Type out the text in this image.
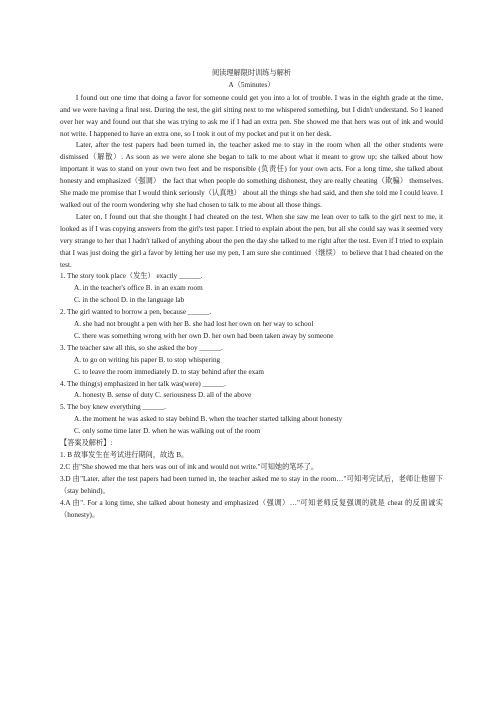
阅读理解限时训练与解析

A（5minutes）

I found out one time that doing a favor for someone could get you into a lot of trouble. I was in the eighth grade at the time, and we were having a final test. During the test, the girl sitting next to me whispered something, but I didn't understand. So I leaned over her way and found out that she was trying to ask me if I had an extra pen. She showed me that hers was out of ink and would not write. I happened to have an extra one, so I took it out of my pocket and put it on her desk.

Later, after the test papers had been turned in, the teacher asked me to stay in the room when all the other students were dismissed（解散）. As soon as we were alone she began to talk to me about what it meant to grow up; she talked about how important it was to stand on your own two feet and be responsible (负责任) for your own acts. For a long time, she talked about honesty and emphasized（强调） the fact that when people do something dishonest, they are really cheating（欺骗） themselves. She made me promise that I would think seriously（认真地） about all the things she had said, and then she told me I could leave. I walked out of the room wondering why she had chosen to talk to me about all those things.

Later on, I found out that she thought I had cheated on the test. When she saw me lean over to talk to the girl next to me, it looked as if I was copying answers from the girl's test paper. I tried to explain about the pen, but all she could say was it seemed very very strange to her that I hadn't talked of anything about the pen the day she talked to me right after the test. Even if I tried to explain that I was just doing the girl a favor by letting her use my pen, I am sure she continued（继续） to believe that I had cheated on the test.

1. The story took place（发生） exactly ______.

A. in the teacher's office B. in an exam room

C. in the school D. in the language lab

2. The girl wanted to borrow a pen, because ______.

A. she had not brought a pen with her B. she had lost her own on her way to school

C. there was something wrong with her own D. her own had been taken away by someone

3. The teacher saw all this, so she asked the boy ______.

A. to go on writing his paper B. to stop whispering

C. to leave the room immediately D. to stay behind after the exam

4. The thing(s) emphasized in her talk was(were) ______.

A. honesty B. sense of duty C. seriousness D. all of the above

5. The boy knew everything ______.

A. the moment he was asked to stay behind B. when the teacher started talking about honesty

C. only some time later D. when he was walking out of the room

【答案及解析】:

1. B 故事发生在考试进行期间，故选 B。

2.C 由"She showed me that hers was out of ink and would not write."可知她的笔坏了。

3.D 由"Later, after the test papers had been turned in, the teacher asked me to stay in the room…"可知考完试后，老师让他留下（stay behind)。

4.A 由". For a long time, she talked about honesty and emphasized（强调）…"可知老师反复强调的就是 cheat 的反面诚实（honesty)。
